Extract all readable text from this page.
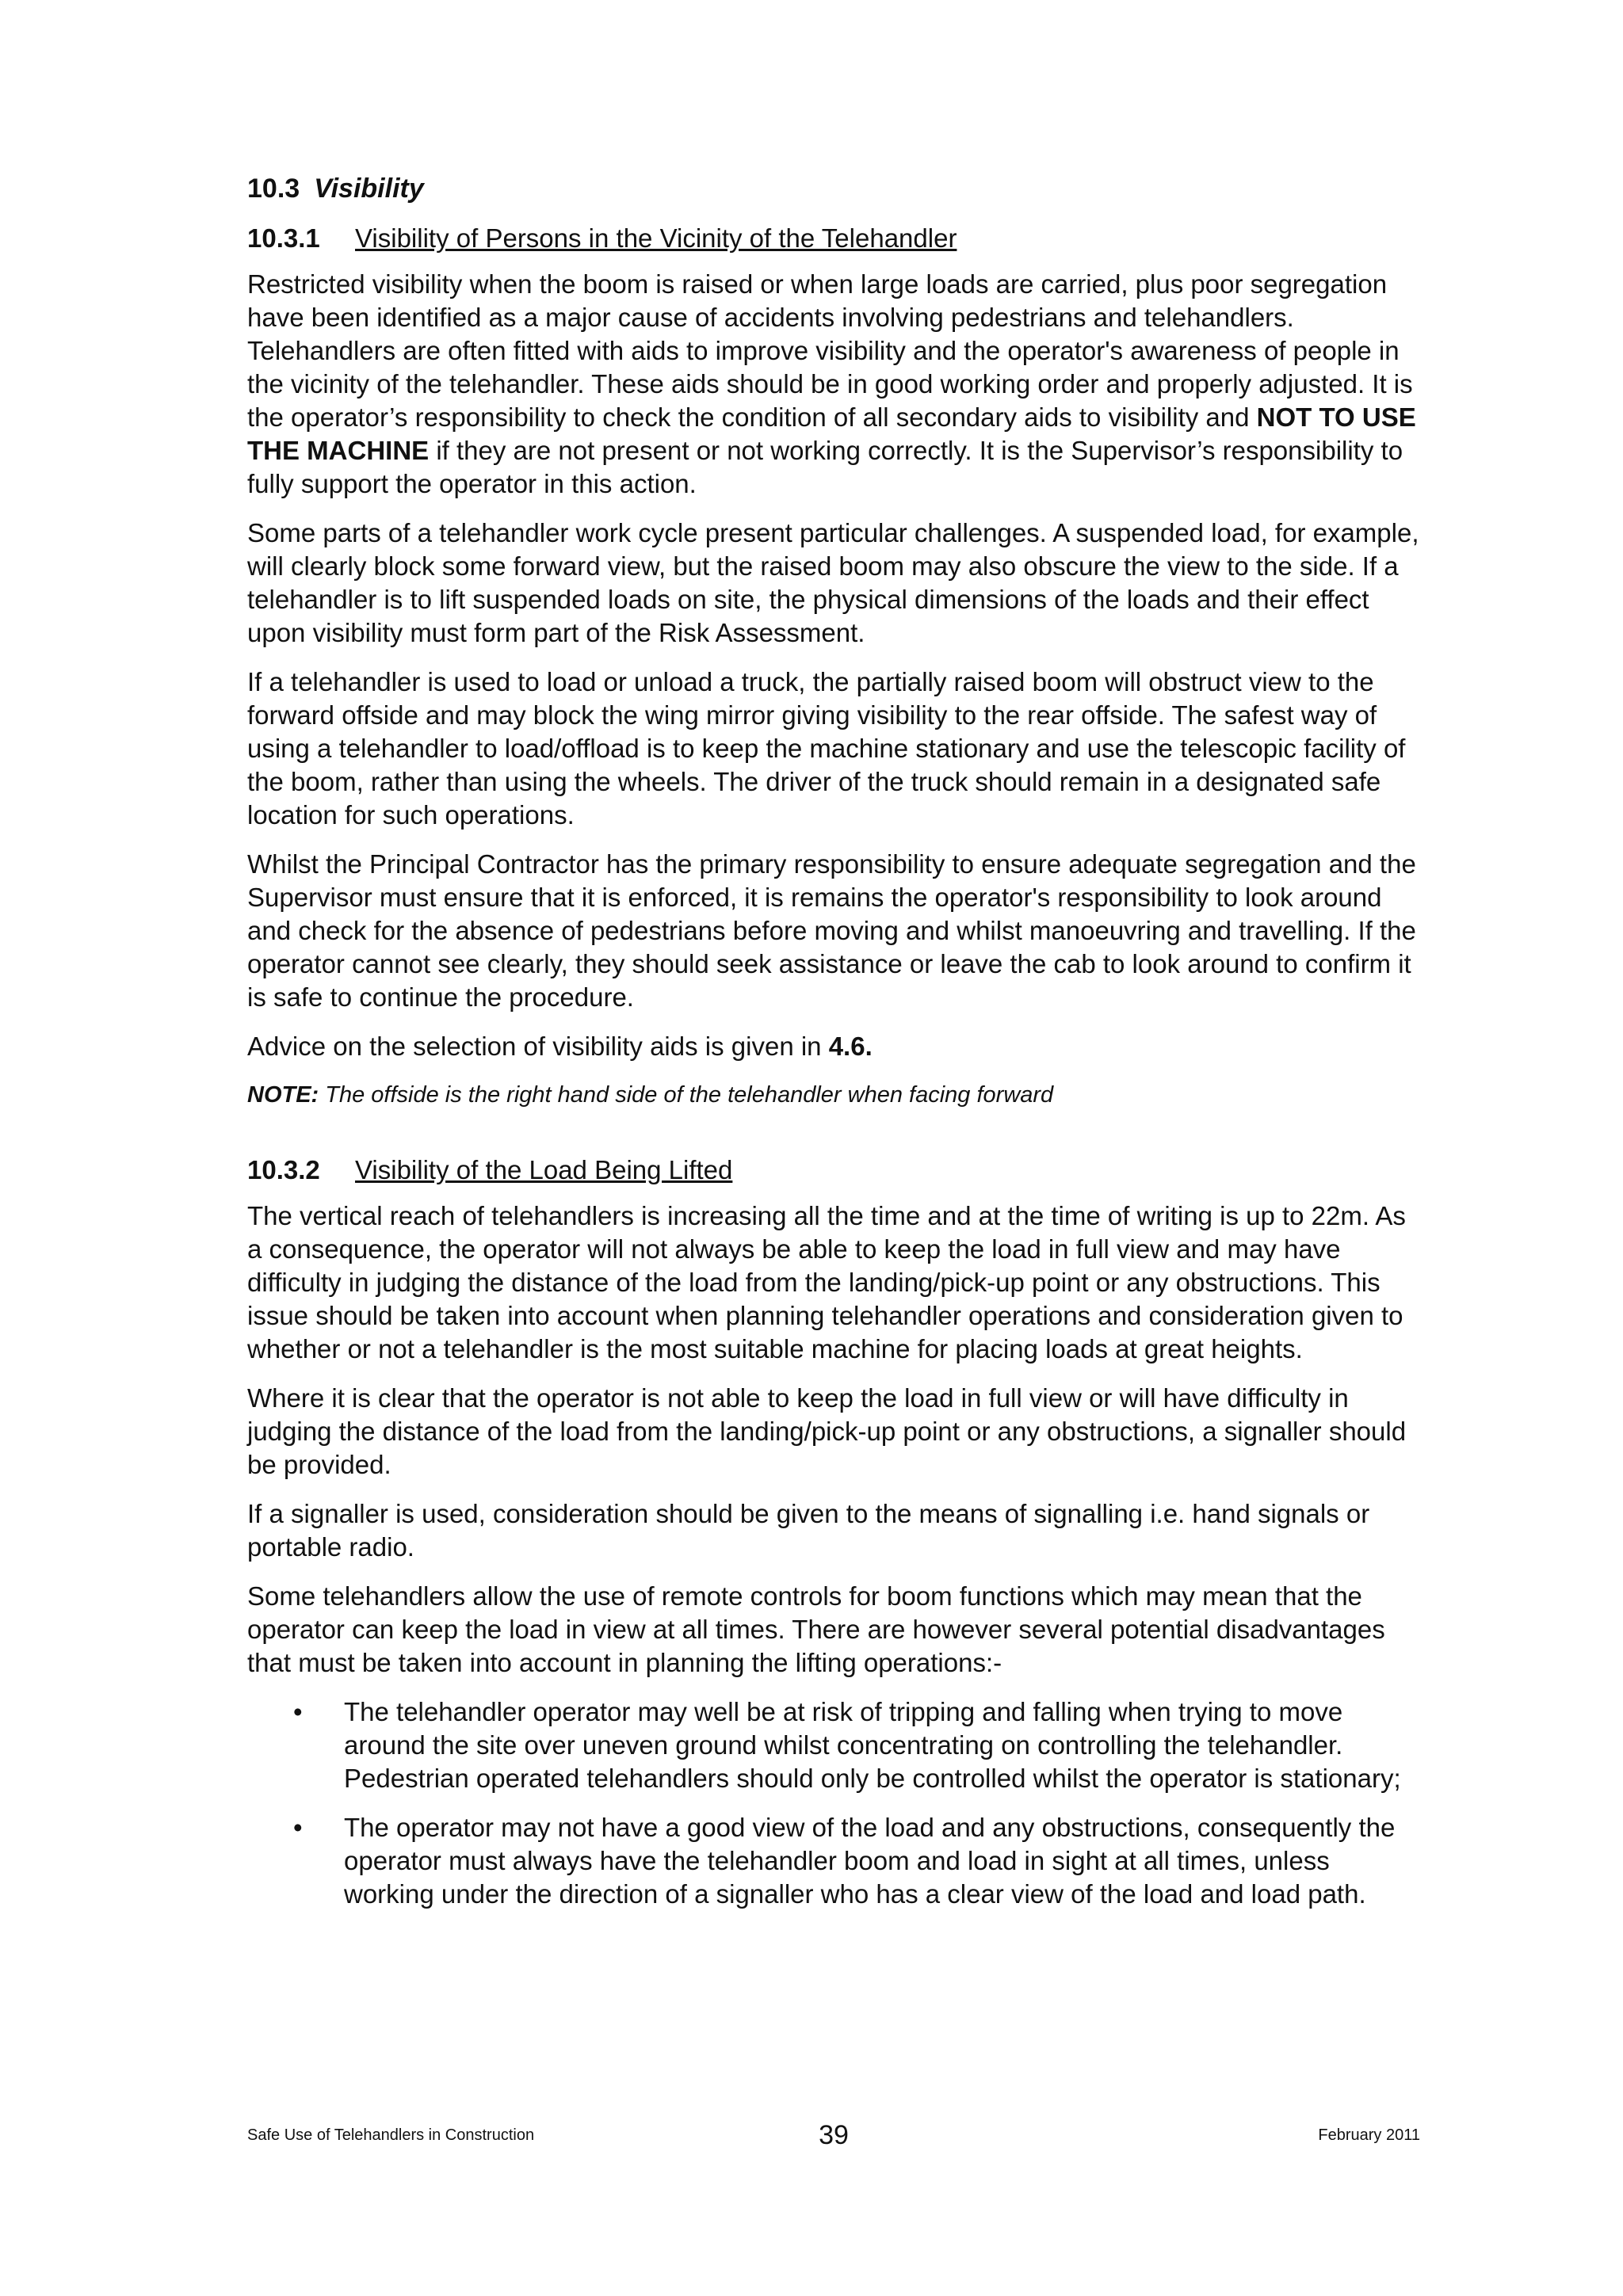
10.3 Visibility
10.3.1 Visibility of Persons in the Vicinity of the Telehandler

Restricted visibility when the boom is raised or when large loads are carried, plus poor segregation have been identified as a major cause of accidents involving pedestrians and telehandlers. Telehandlers are often fitted with aids to improve visibility and the operator's awareness of people in the vicinity of the telehandler. These aids should be in good working order and properly adjusted. It is the operator’s responsibility to check the condition of all secondary aids to visibility and NOT TO USE THE MACHINE if they are not present or not working correctly. It is the Supervisor’s responsibility to fully support the operator in this action.

Some parts of a telehandler work cycle present particular challenges. A suspended load, for example, will clearly block some forward view, but the raised boom may also obscure the view to the side. If a telehandler is to lift suspended loads on site, the physical dimensions of the loads and their effect upon visibility must form part of the Risk Assessment.

If a telehandler is used to load or unload a truck, the partially raised boom will obstruct view to the forward offside and may block the wing mirror giving visibility to the rear offside. The safest way of using a telehandler to load/offload is to keep the machine stationary and use the telescopic facility of the boom, rather than using the wheels. The driver of the truck should remain in a designated safe location for such operations.

Whilst the Principal Contractor has the primary responsibility to ensure adequate segregation and the Supervisor must ensure that it is enforced, it is remains the operator's responsibility to look around and check for the absence of pedestrians before moving and whilst manoeuvring and travelling. If the operator cannot see clearly, they should seek assistance or leave the cab to look around to confirm it is safe to continue the procedure.

Advice on the selection of visibility aids is given in 4.6.

NOTE: The offside is the right hand side of the telehandler when facing forward

10.3.2 Visibility of the Load Being Lifted

The vertical reach of telehandlers is increasing all the time and at the time of writing is up to 22m. As a consequence, the operator will not always be able to keep the load in full view and may have difficulty in judging the distance of the load from the landing/pick-up point or any obstructions. This issue should be taken into account when planning telehandler operations and consideration given to whether or not a telehandler is the most suitable machine for placing loads at great heights.

Where it is clear that the operator is not able to keep the load in full view or will have difficulty in judging the distance of the load from the landing/pick-up point or any obstructions, a signaller should be provided.

If a signaller is used, consideration should be given to the means of signalling i.e. hand signals or portable radio.

Some telehandlers allow the use of remote controls for boom functions which may mean that the operator can keep the load in view at all times. There are however several potential disadvantages that must be taken into account in planning the lifting operations:-

• The telehandler operator may well be at risk of tripping and falling when trying to move around the site over uneven ground whilst concentrating on controlling the telehandler. Pedestrian operated telehandlers should only be controlled whilst the operator is stationary;
• The operator may not have a good view of the load and any obstructions, consequently the operator must always have the telehandler boom and load in sight at all times, unless working under the direction of a signaller who has a clear view of the load and load path.
Safe Use of Telehandlers in Construction	39	February 2011
